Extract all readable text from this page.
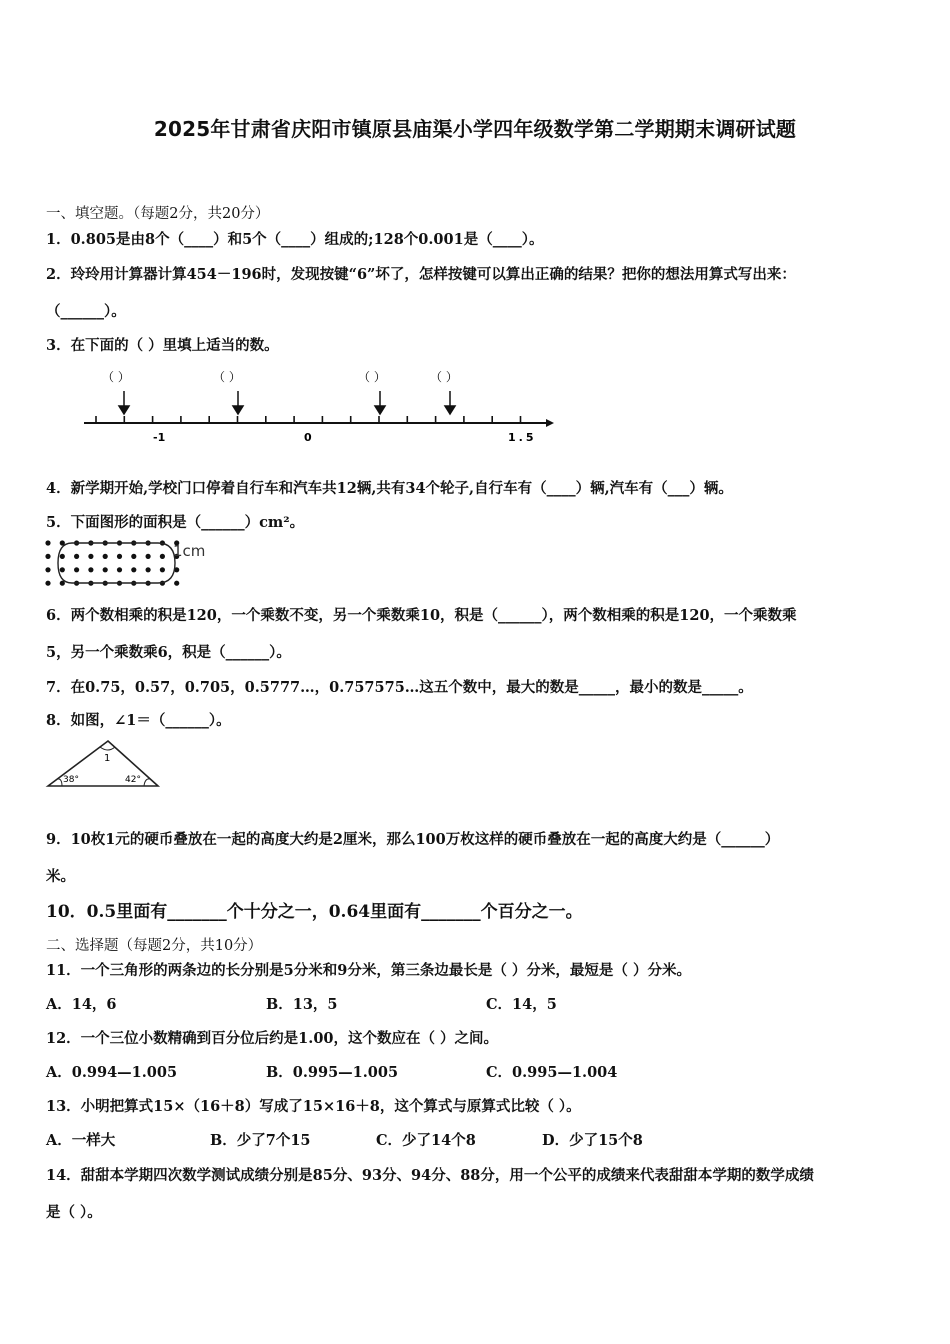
2025年甘肃省庆阳市镇原县庙渠小学四年级数学第二学期期末调研试题
一、填空题。（每题2分，共20分）
1．0.805是由8个（____）和5个（____）组成的;128个0.001是（____）。
2．玲玲用计算器计算454－196时，发现按键“6”坏了，怎样按键可以算出正确的结果？把你的想法用算式写出来：
（______）。
3．在下面的（ ）里填上适当的数。
（ ）	（ ）	（ ）	（ ）
-1	0	1.5
4．新学期开始,学校门口停着自行车和汽车共12辆,共有34个轮子,自行车有（____）辆,汽车有（___）辆。
5．下面图形的面积是（______）cm²。
1cm
6．两个数相乘的积是120，一个乘数不变，另一个乘数乘10，积是（______），两个数相乘的积是120，一个乘数乘
5，另一个乘数乘6，积是（______）。
7．在0.75，0.57，0.705，0.5777…，0.757575…这五个数中，最大的数是_____，最小的数是_____。
8．如图，∠1＝（______）。
1
38°	42°
9．10枚1元的硬币叠放在一起的高度大约是2厘米，那么100万枚这样的硬币叠放在一起的高度大约是（______）
米。
10．0.5里面有_______个十分之一，0.64里面有_______个百分之一。
二、选择题（每题2分，共10分）
11．一个三角形的两条边的长分别是5分米和9分米，第三条边最长是（ ）分米，最短是（ ）分米。
A．14，6	B．13，5	C．14，5
12．一个三位小数精确到百分位后约是1.00，这个数应在（ ）之间。
A．0.994—1.005	B．0.995—1.005	C．0.995—1.004
13．小明把算式15×（16＋8）写成了15×16＋8，这个算式与原算式比较（ ）。
A．一样大	B．少了7个15	C．少了14个8	D．少了15个8
14．甜甜本学期四次数学测试成绩分别是85分、93分、94分、88分，用一个公平的成绩来代表甜甜本学期的数学成绩
是（ ）。
